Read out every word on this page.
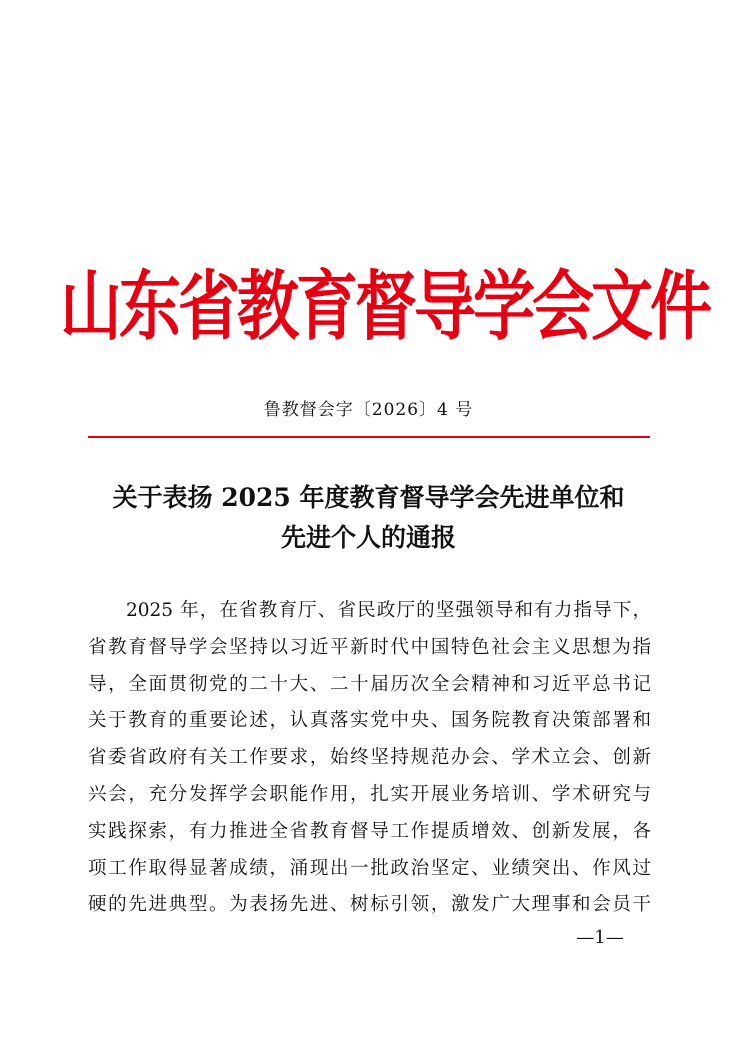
山东省教育督导学会文件
鲁教督会字〔2026〕4 号
关于表扬 2025 年度教育督导学会先进单位和
先进个人的通报
2025 年，在省教育厅、省民政厅的坚强领导和有力指导下，
省教育督导学会坚持以习近平新时代中国特色社会主义思想为指
导，全面贯彻党的二十大、二十届历次全会精神和习近平总书记
关于教育的重要论述，认真落实党中央、国务院教育决策部署和
省委省政府有关工作要求，始终坚持规范办会、学术立会、创新
兴会，充分发挥学会职能作用，扎实开展业务培训、学术研究与
实践探索，有力推进全省教育督导工作提质增效、创新发展，各
项工作取得显著成绩，涌现出一批政治坚定、业绩突出、作风过
硬的先进典型。为表扬先进、树标引领，激发广大理事和会员干
—1—
